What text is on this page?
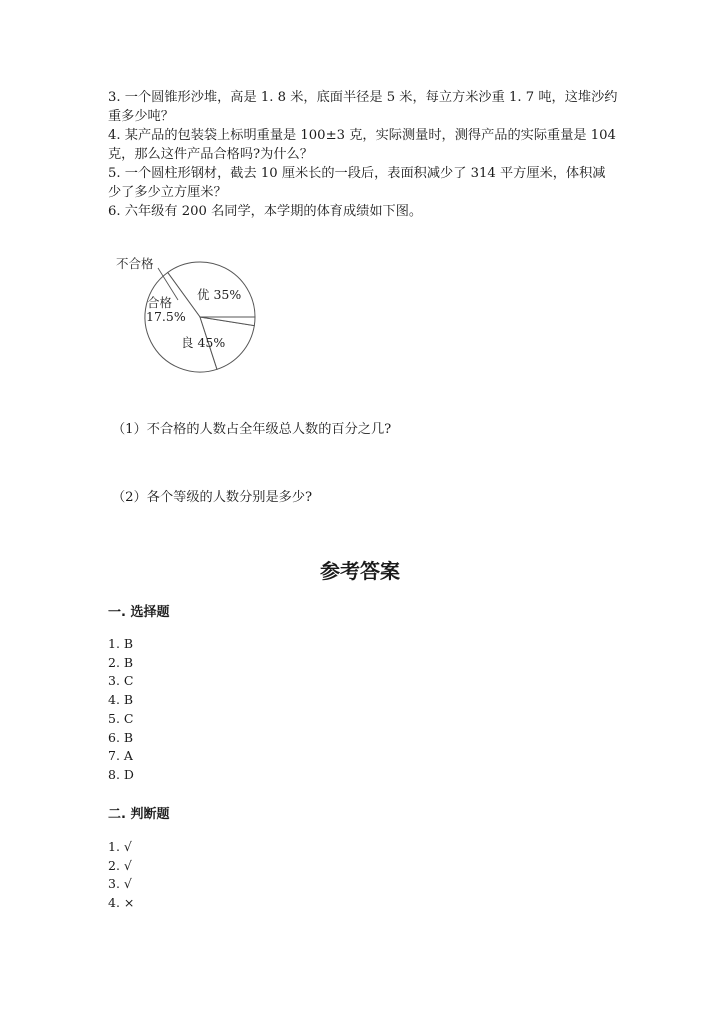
3. 一个圆锥形沙堆，高是 1. 8 米，底面半径是 5 米，每立方米沙重 1. 7 吨，这堆沙约重多少吨？

4. 某产品的包装袋上标明重量是 100±3 克，实际测量时，测得产品的实际重量是 104 克，那么这件产品合格吗?为什么？

5. 一个圆柱形钢材，截去 10 厘米长的一段后，表面积减少了 314 平方厘米，体积减少了多少立方厘米？

6. 六年级有 200 名同学，本学期的体育成绩如下图。

不合格
优 35%
合格
17.5%
良 45%

（1）不合格的人数占全年级总人数的百分之几?

（2）各个等级的人数分别是多少?

参考答案
一. 选择题
1. B
2. B
3. C
4. B
5. C
6. B
7. A
8. D
二. 判断题
1. √
2. √
3. √
4. ×
